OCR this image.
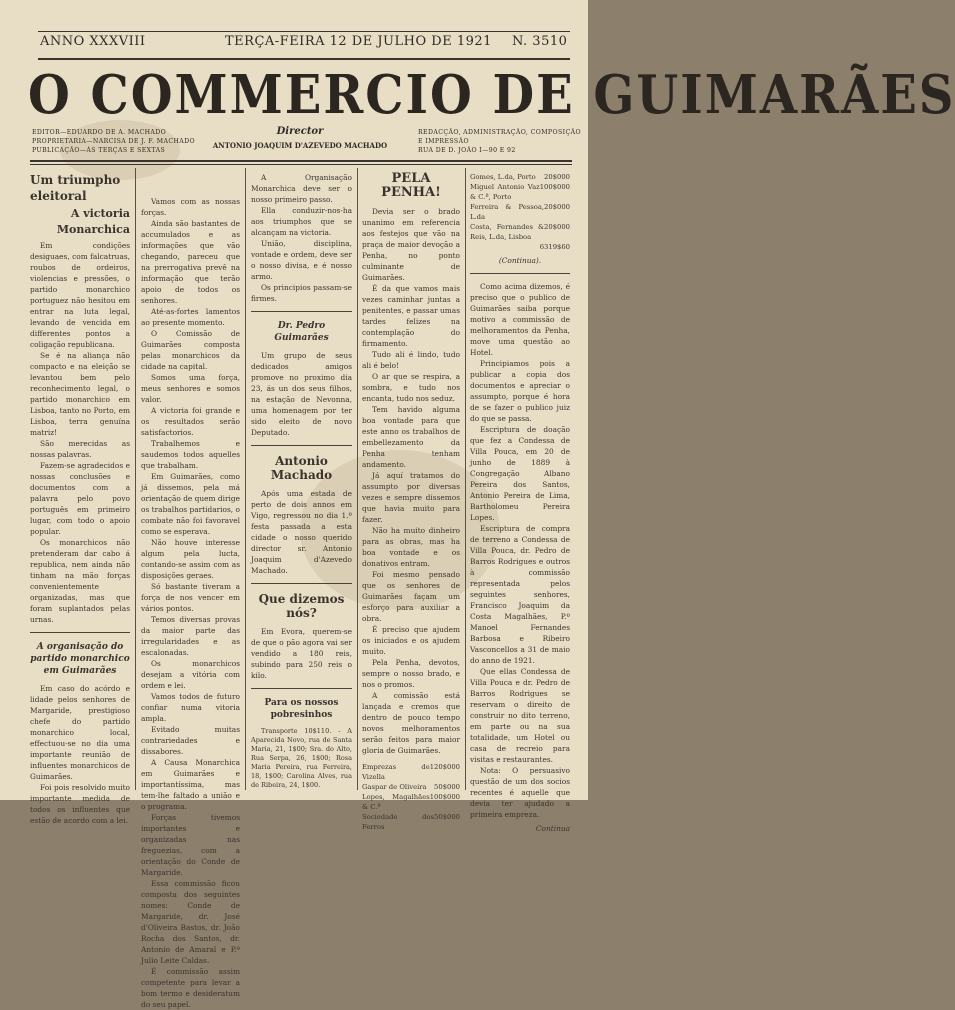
ANNO XXXVIII	TERÇA-FEIRA 12 DE JULHO DE 1921 N. 3510
O COMMERCIO DE GUIMARÃES
EDITOR—EDUARDO DE A. MACHADO
PROPRIETARIA—NARCISA DE J. F. MACHADO
PUBLICAÇÃO—ÁS TERÇAS E SEXTAS
Director
ANTONIO JOAQUIM D'AZEVEDO MACHADO
REDACÇÃO, ADMINISTRAÇÃO, COMPOSIÇÃO
E IMPRESSÃO
RUA DE D. JOÃO I—90 E 92
Um triumpho eleitoral
A victoria Monarchica

Em condições desiguaes, com falcatruas, roubos de ordeiros, violencias e pressões, o partido monarchico portuguez não hesitou em entrar na luta legal, levando de vencida em differentes pontos a coligação republicana.

Se é na aliança não compacto e na eleição se levantou bem pelo reconhecimento legal, o partido monarchico em Lisboa, tanto no Porto, em Lisboa, terra genuína matriz!

São merecidas as nossas palavras.

Fazem-se agradecidos e nossas conclusões e documentos com a palavra pelo povo português em primeiro lugar, com todo o apoio popular.

Os monarchicos não pretenderam dar cabo á republica, nem ainda não tinham na mão forças convenientemente organizadas, mas que foram suplantados pelas urnas.

A organisação do partido monarchico em Guimarães

Em caso do acórdo e lidade pelos senhores de Margaride, prestigioso chefe do partido monarchico local, effectuou-se no dia uma importante reunião de influentes monarchicos de Guimarães.

Foi pois resolvido muito importante medida de todos os influentes que estão de acordo com a lei.

Vamos com as nossas forças.

Ainda são bastantes de accumulados e as informações que vão chegando, pareceu que na prerrogativa prevê na informação que terão apoio de todos os senhores.

Até-as-fortes lamentos ao presente momento.

O Comissão de Guimarães composta pelas monarchicos da cidade na capital.

Somos uma força, meus senhores e somos valor.

A victoria foi grande e os resultados serão satisfactorios.

Trabalhemos e saudemos todos aquelles que trabalham.

Em Guimarães, como já dissemos, pela má orientação de quem dirige os trabalhos partidarios, o combate não foi favoravel como se esperava.

Não houve interesse algum pela lucta, contando-se assim com as disposições geraes.

Só bastante tiveram a força de nos vencer em vários pontos.

Temos diversas provas da maior parte das irregularidades e as escalonadas.

Os monarchicos desejam a vitória com ordem e lei.

Vamos todos de futuro confiar numa vitoria ampla.

Evitado muitas contrariedades e dissabores.

A Causa Monarchica em Guimarães e importantíssima, mas tem-lhe faltado a união e o programa.

Forças tivemos importantes e organizadas nas freguezias, com a orientação do Conde de Margaride.

Essa commissão ficou composta dos seguintes nomes: Conde de Margaride, dr. José d'Oliveira Bastos, dr. João Rocha dos Santos, dr. Antonio de Amaral e P.º Julio Leite Caldas.

É commissão assim competente para levar a bom termo e desideratum do seu papel.

A Organisação Monarchica deve ser o nosso primeiro passo.

Ella conduzir-nos-ha aos triumphos que se alcançam na victoria.

União, disciplina, vontade e ordem, deve ser o nosso divisa, e é nosso armo.

Os principios passam-se firmes.

Dr. Pedro Guimarães

Um grupo de seus dedicados amigos promove no proximo dia 23, ás un dos seus filhos, na estação de Nevonna, uma homenagem por ter sido eleito de novo Deputado.

Antonio Machado

Após uma estada de perto de dois annos em Vigo, regressou no dia 1.º festa passada a esta cidade o nosso querido director sr. Antonio Joaquim d'Azevedo Machado.

Que dizemos nós?

Em Evora, querem-se de que o pão agora vai ser vendido a 180 reis, subindo para 250 reis o kilo.

Para os nossos pobresinhos

Transporte 10$110. - A Aparecida Novo, rua de Santa Maria, 21, 1$00; Sra. do Alto, Rua Serpa, 26, 1$00; Rosa Maria Pereira, rua Ferreira, 18, 1$00; Carolina Alves, rua de Ribeira, 24, 1$00.

PELA PENHA!

Devia ser o brado unanimo em referencia aos festejos que vão na praça de maior devoção a Penha, no ponto culminante de Guimarães.

É da que vamos mais vezes caminhar juntas a penitentes, e passar umas tardes felizes na contemplação do firmamento.

Tudo ali é lindo, tudo ali é belo!

O ar que se respira, a sombra, e tudo nos encanta, tudo nos seduz.

Tem havido alguma boa vontade para que este anno os trabalhos de embellezamento da Penha tenham andamento.

Já aquí tratamos do assumpto por diversas vezes e sempre dissemos que havia muito para fazer.

Não ha muito dinheiro para as obras, mas ha boa vontade e os donativos entram.

Foi mesmo pensado que os senhores de Guimarães façam um esforço para auxiliar a obra.

É preciso que ajudem os iniciados e os ajudem muito.

Pela Penha, devotos, sempre o nosso brado, e nos o promos.

A comissão está lançada e cremos que dentro de pouco tempo novos melhoramentos serão feitos para maior gloria de Guimarães.

Emprezas de Vizella
120$000
Gaspar de Oliveira 50$000
Lopes, Magalhães & C.ª
100$000
Sociedade dos Ferros
50$000
Gomes, L.da, Porto 20$000
Miguel Antonio Vaz & C.ª, Porto
100$000
Ferreira & Pessoa, L.da
20$000
Costa, Fernandes & Reis, L.da, Lisboa
20$000
6319$60

(Continua).

Como acima dizemos, é preciso que o publico de Guimarães saiba porque motivo a commissão de melhoramentos da Penha, move uma questão ao Hotel.

Principiamos pois a publicar a copia dos documentos e apreciar o assumpto, porque é hora de se fazer o publico juiz do que se passa.

Escriptura de doação que fez a Condessa de Villa Pouca, em 20 de junho de 1889 à Congregação Albano Pereira dos Santos, Antonio Pereira de Lima, Bartholomeu Pereira Lopes.

Escriptura de compra de terreno a Condessa de Villa Pouca, dr. Pedro de Barros Rodrigues e outros à commissão representada pelos seguintes senhores, Francisco Joaquim da Costa Magalhães, P.º Manoel Fernandes Barbosa e Ribeiro Vasconcellos a 31 de maio do anno de 1921.

Que ellas Condessa de Villa Pouca e dr. Pedro de Barros Rodrigues se reservam o direito de construir no dito terreno, em parte ou na sua totalidade, um Hotel ou casa de recreio para visitas e restaurantes.

Nota: O persuasivo questão de um dos socios recentes é aquelle que devia ter ajudado a primeira empreza.

Continua
